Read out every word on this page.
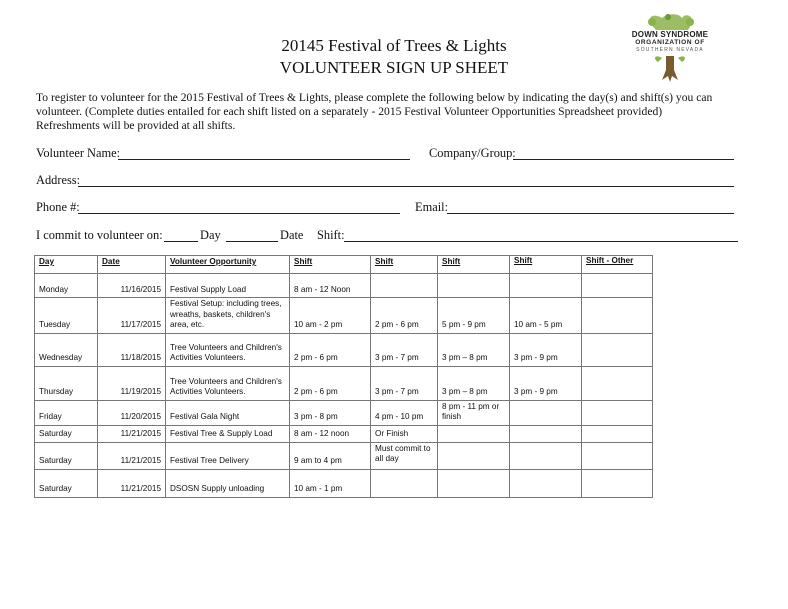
20145 Festival of Trees & Lights
VOLUNTEER SIGN UP SHEET
DOWN SYNDROME
ORGANIZATION OF
SOUTHERN NEVADA

To register to volunteer for the 2015 Festival of Trees & Lights, please complete the following below by indicating the day(s) and shift(s) you can

volunteer. (Complete duties entailed for each shift listed on a separately - 2015 Festival Volunteer Opportunities Spreadsheet provided)

Refreshments will be provided at all shifts.

Volunteer Name:	Company/Group:
Address:
Phone #:	Email:
I commit to volunteer on:	Day	Date Shift:
Day	Date	Volunteer Opportunity	Shift	Shift	Shift	Shift	Shift - Other
Monday	11/16/2015	Festival Supply Load	8 am - 12 Noon				
Tuesday	11/17/2015	Festival Setup: including trees, wreaths, baskets, children's area, etc.	10 am - 2 pm	2 pm - 6 pm	5 pm - 9 pm	10 am - 5 pm	
Wednesday	11/18/2015	Tree Volunteers and Children's Activities Volunteers.	2 pm - 6 pm	3 pm - 7 pm	3 pm – 8 pm	3 pm - 9 pm	
Thursday	11/19/2015	Tree Volunteers and Children's Activities Volunteers.	2 pm - 6 pm	3 pm - 7 pm	3 pm – 8 pm	3 pm - 9 pm	
Friday	11/20/2015	Festival Gala Night	3 pm - 8 pm	4 pm - 10 pm	8 pm - 11 pm or finish		
Saturday	11/21/2015	Festival Tree & Supply Load	8 am - 12 noon	Or Finish			
Saturday	11/21/2015	Festival Tree Delivery	9 am to 4 pm	Must commit to all day			
Saturday	11/21/2015	DSOSN Supply unloading	10 am - 1 pm				
